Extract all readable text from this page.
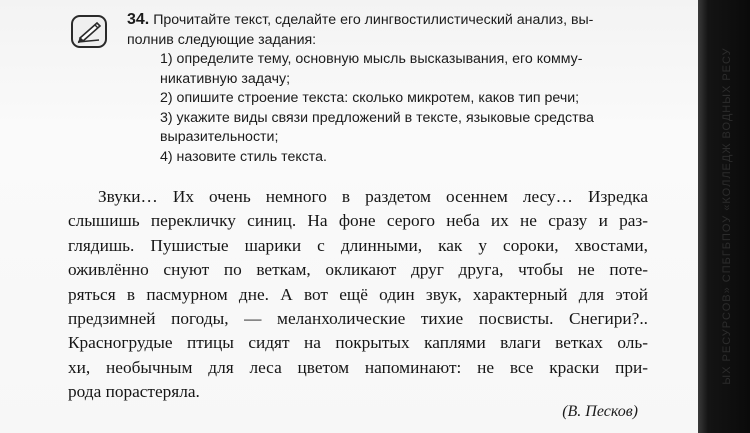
ЫХ РЕСУРСОВ» СПБГБПОУ «КОЛЛЕДЖ ВОДНЫХ РЕСУ
34. Прочитайте текст, сделайте его лингвостилистический анализ, вы-
полнив следующие задания:
1) определите тему, основную мысль высказывания, его комму-
никативную задачу;
2) опишите строение текста: сколько микротем, каков тип речи;
3) укажите виды связи предложений в тексте, языковые средства
выразительности;
4) назовите стиль текста.
Звуки… Их очень немного в раздетом осеннем лесу… Изредка
слышишь перекличку синиц. На фоне серого неба их не сразу и раз-
глядишь. Пушистые шарики с длинными, как у сороки, хвостами,
оживлённо снуют по веткам, окликают друг друга, чтобы не поте-
ряться в пасмурном дне. А вот ещё один звук, характерный для этой
предзимней погоды, — меланхолические тихие посвисты. Снегири?..
Красногрудые птицы сидят на покрытых каплями влаги ветках оль-
хи, необычным для леса цветом напоминают: не все краски при-
рода порастеряла.
(В. Песков)
